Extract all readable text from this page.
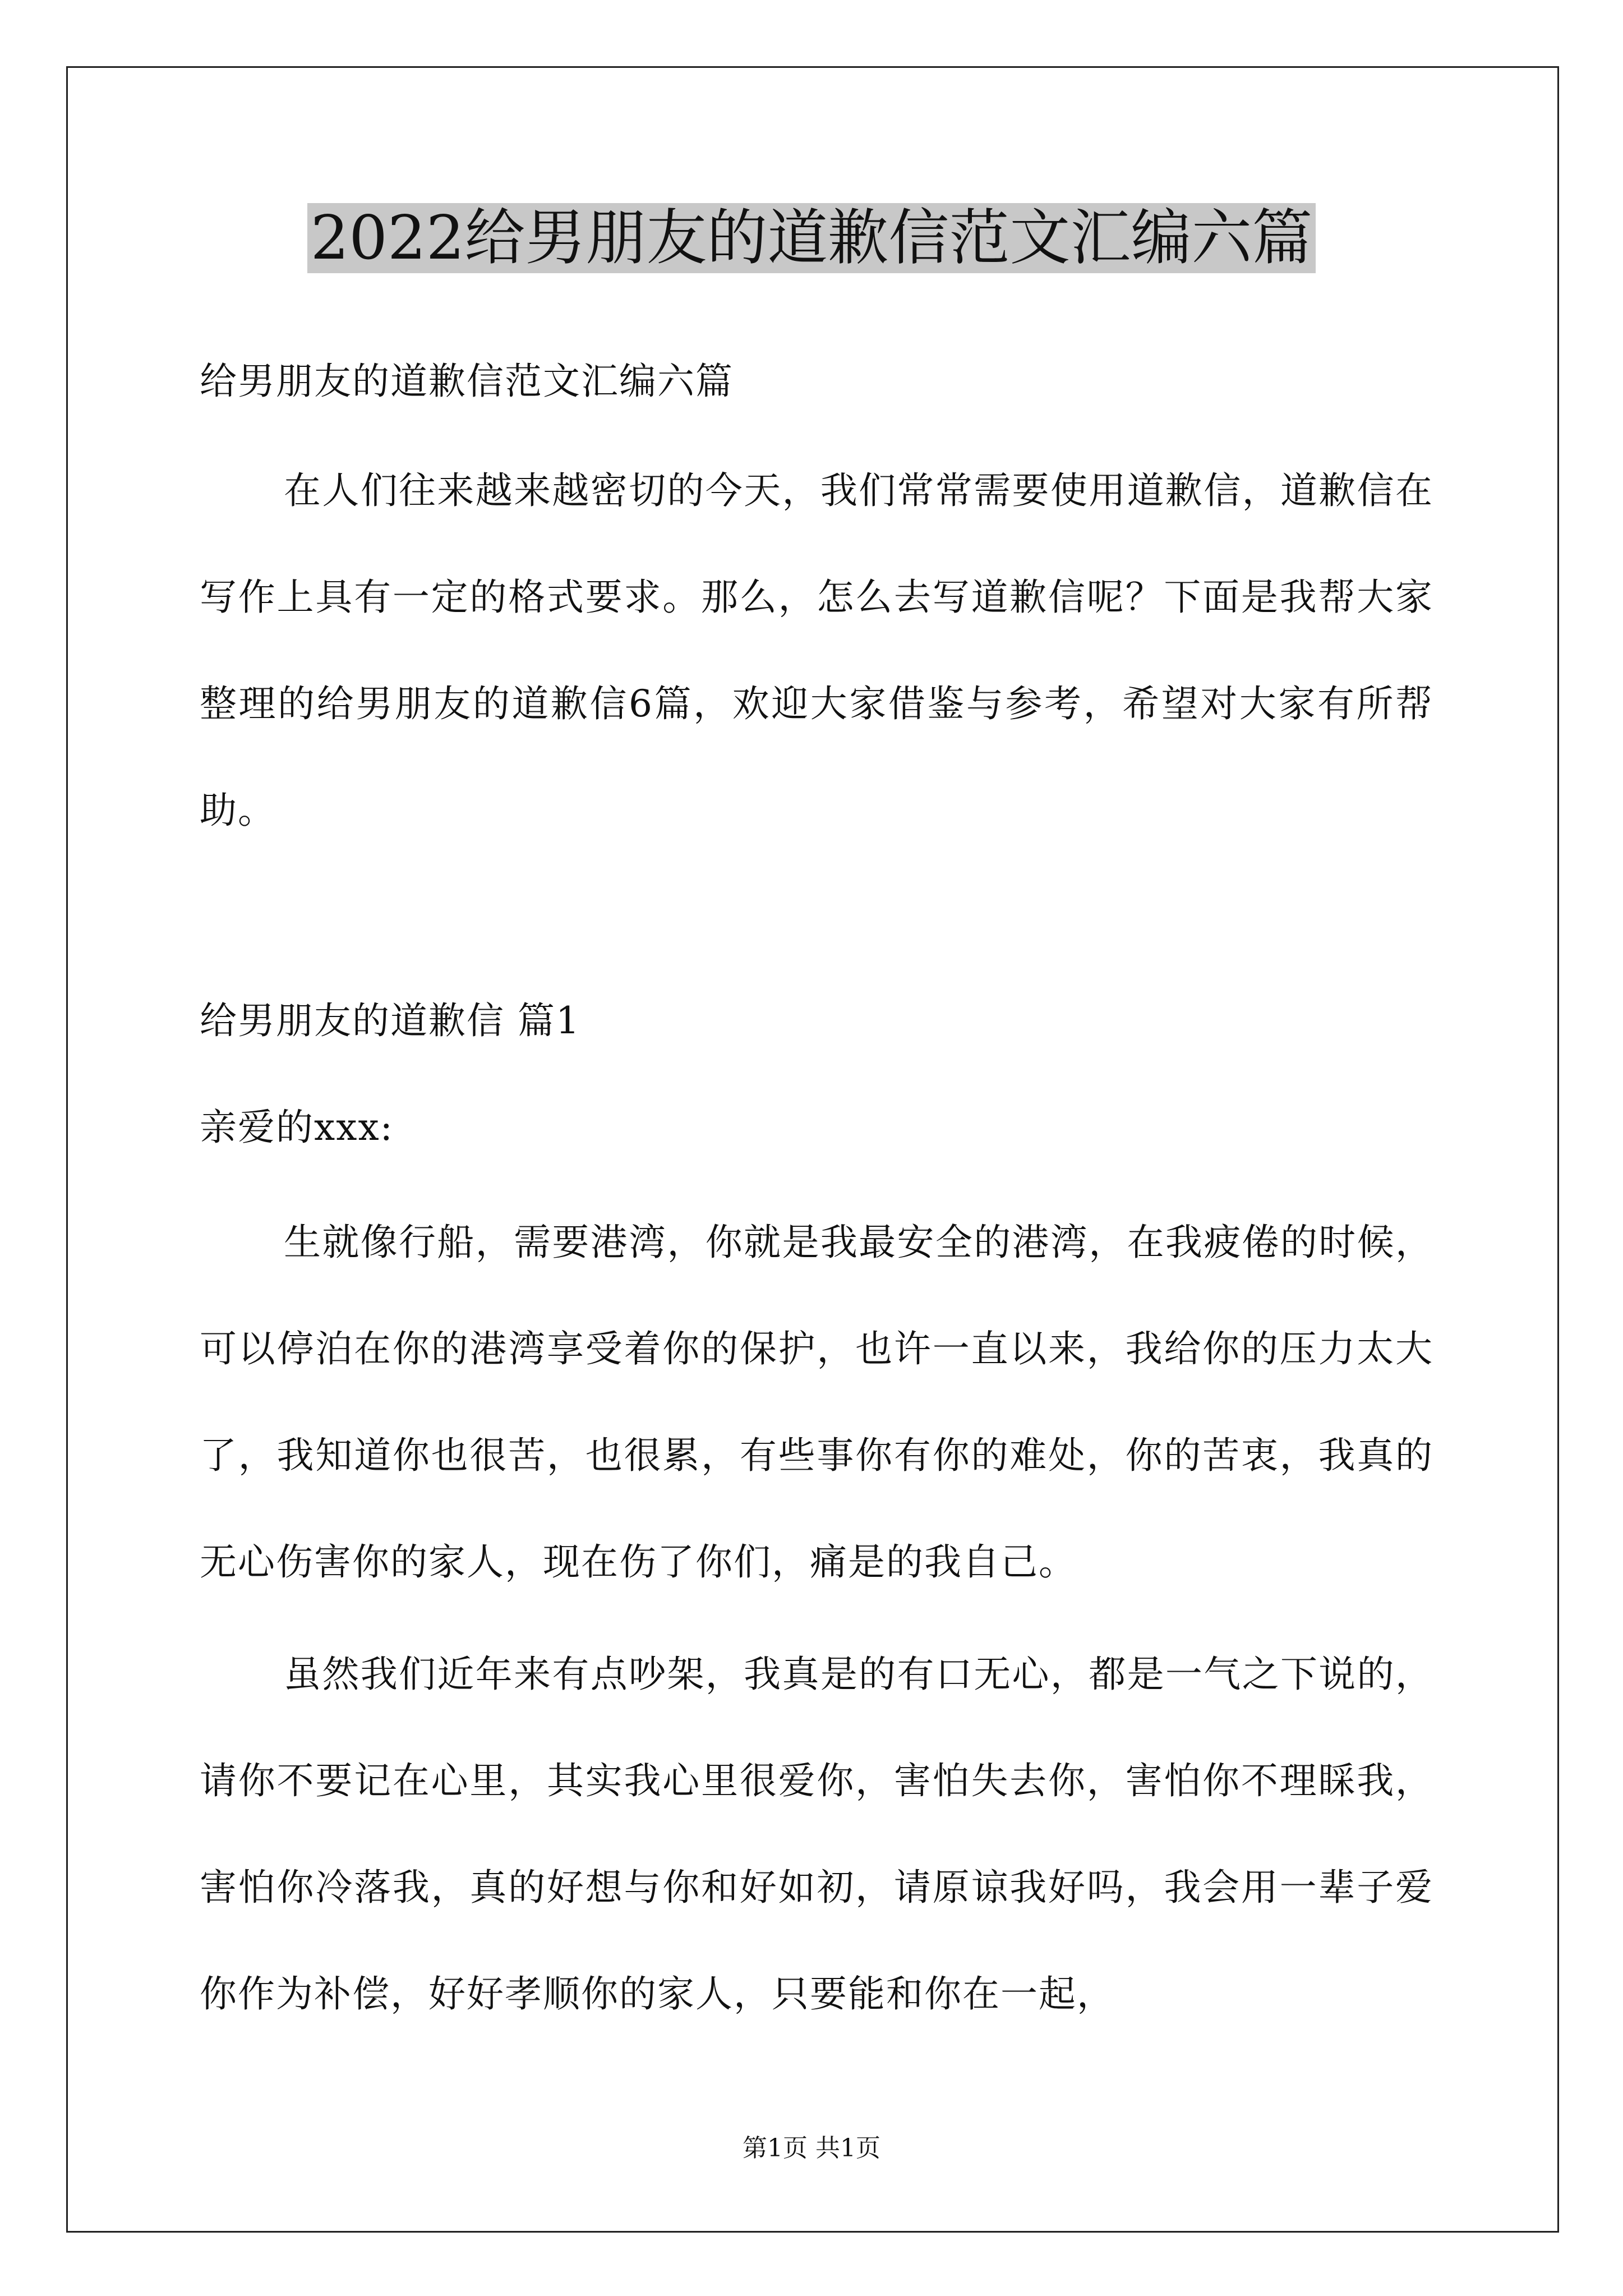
2022给男朋友的道歉信范文汇编六篇

给男朋友的道歉信范文汇编六篇

在人们往来越来越密切的今天，我们常常需要使用道歉信，道歉信在写作上具有一定的格式要求。那么，怎么去写道歉信呢？下面是我帮大家整理的给男朋友的道歉信6篇，欢迎大家借鉴与参考，希望对大家有所帮助。

给男朋友的道歉信 篇1

亲爱的xxx:

生就像行船，需要港湾，你就是我最安全的港湾，在我疲倦的时候，可以停泊在你的港湾享受着你的保护，也许一直以来，我给你的压力太大了，我知道你也很苦，也很累，有些事你有你的难处，你的苦衷，我真的无心伤害你的家人，现在伤了你们，痛是的我自己。

虽然我们近年来有点吵架，我真是的有口无心，都是一气之下说的，请你不要记在心里，其实我心里很爱你，害怕失去你，害怕你不理睬我，害怕你冷落我，真的好想与你和好如初，请原谅我好吗，我会用一辈子爱你作为补偿，好好孝顺你的家人，只要能和你在一起，

第1页 共1页
